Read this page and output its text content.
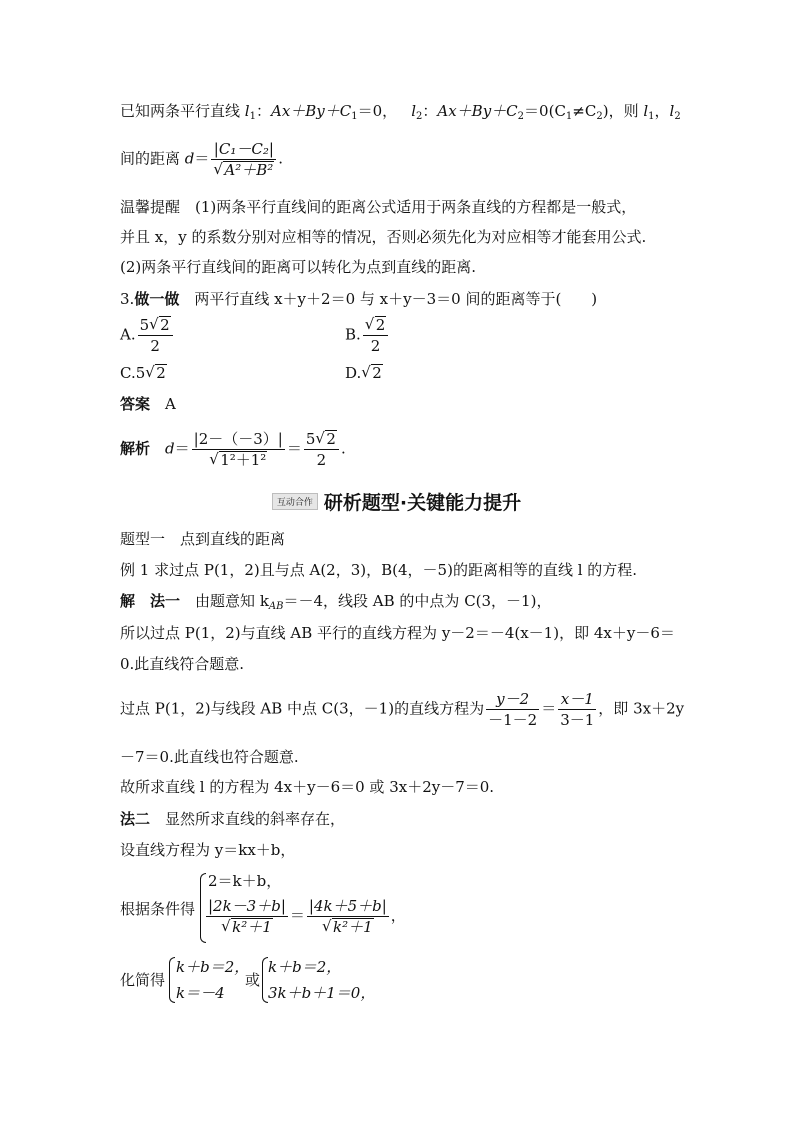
已知两条平行直线 $l_1$：$Ax+By+C_1=0$， $l_2$：$Ax+By+C_2=0(C_1\ne C_2)$，则 $l_1$，$l_2$
间的距离 d＝ |C₁－C₂|
√ A²＋B² .
温馨提醒　(1)两条平行直线间的距离公式适用于两条直线的方程都是一般式，
并且 x，y 的系数分别对应相等的情况，否则必须先化为对应相等才能套用公式.
(2)两条平行直线间的距离可以转化为点到直线的距离.
3.做一做　两平行直线 x＋y＋2＝0 与 x＋y－3＝0 间的距离等于(　　)
A. $\frac{5 √ 2}{2}$	B. √ $\frac{2}{2}$
C.5 √ 2	D. √ 2
答案　 A
解析　 d＝ |2－（－3）|
√ $1^2+1^2 = \frac{5 √ 2}{2}$ .
互动合作 研析题型·关键能力提升
题型一　点到直线的距离
例 1 求过点 P(1，2)且与点 A(2，3)，B(4，－5)的距离相等的直线 l 的方程.
解　 法一　由题意知 $k_{AB}=-4$，线段 AB 的中点为 C(3，－1)，
所以过点 P(1，2)与直线 AB 平行的直线方程为 y－2＝－4(x－1)，即 4x＋y－6＝
0.此直线符合题意.
过点 P(1，2)与线段 AB 中点 C(3，－1)的直线方程为 $\frac{y-2}{-1-2} = \frac{x-1}{3-1}$ ，即 3x＋2y
－7＝0.此直线也符合题意.
故所求直线 l 的方程为 4x＋y－6＝0 或 3x＋2y－7＝0.
法二　显然所求直线的斜率存在，
设直线方程为 y＝kx＋b，
根据条件得
2＝k＋b，
|2k－3＋b|
√ k²＋1 ＝ |4k＋5＋b|
√ k²＋1 ，
化简得
k＋b＝2，
k＝－4
或
k＋b＝2，
3k＋b＋1＝0，
